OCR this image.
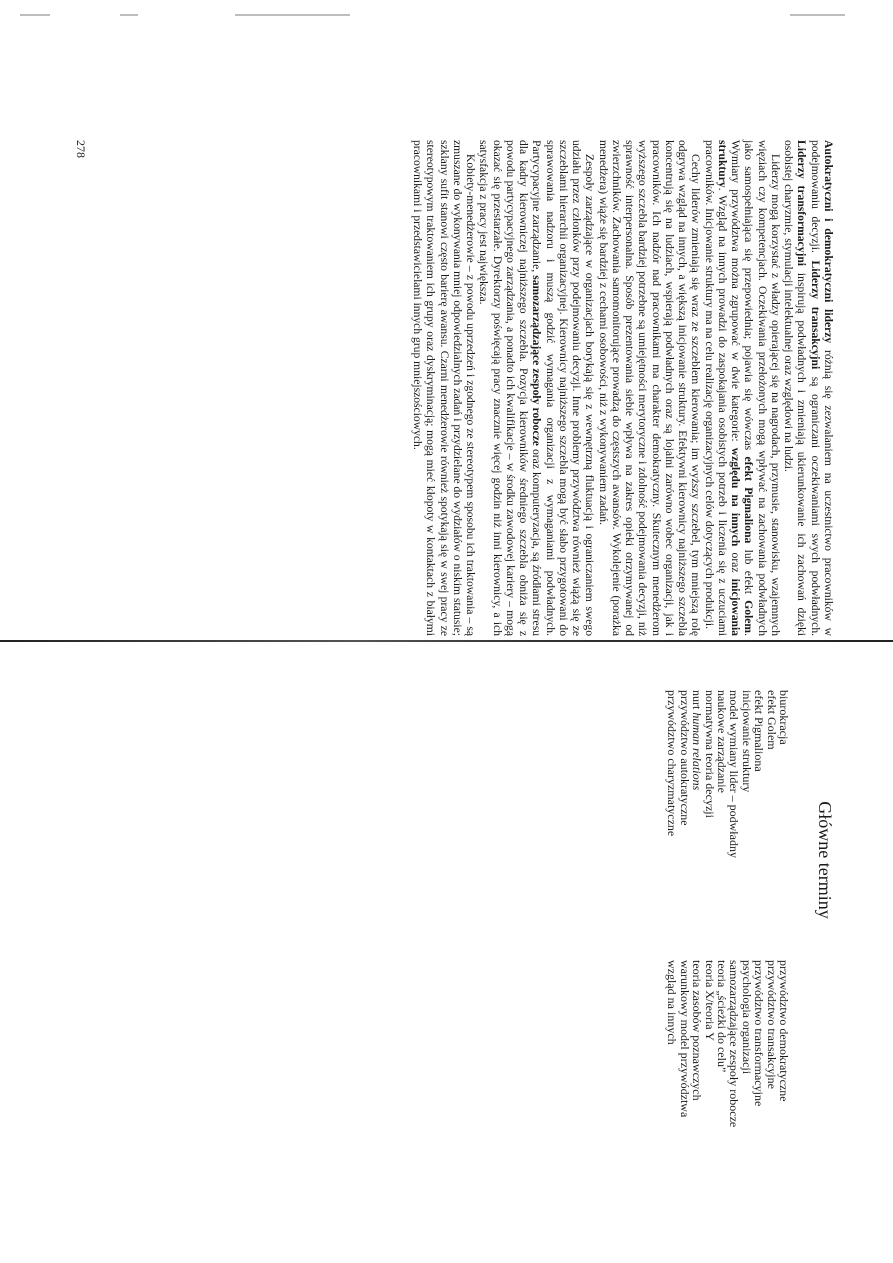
Autokratyczni i demokratyczni liderzy różnią się zezwalaniem na uczestnictwo pracowników w podejmowaniu decyzji. Liderzy transakcyjni są ograniczani oczekiwaniami swych podwładnych. Liderzy transformacyjni inspirują podwładnych i zmieniają ukierunkowanie ich zachowań dzięki osobistej charyzmie, stymulacji intelektualnej oraz względowi na ludzi.

Liderzy mogą korzystać z władzy opierającej się na nagrodach, przymusie, stanowisku, wzajemnych więziach czy kompetencjach. Oczekiwania przełożonych mogą wpływać na zachowania podwładnych jako samospełniająca się przepowiednia; pojawia się wówczas efekt Pigmaliona lub efekt Golem. Wymiary przywództwa można zgrupować w dwie kategorie: względu na innych oraz inicjowania struktury. Wzgląd na innych prowadzi do zaspokajania osobistych potrzeb i liczenia się z uczuciami pracowników. Inicjowanie struktury ma na celu realizację organizacyjnych celów dotyczących produkcji.

Cechy liderów zmieniają się wraz ze szczeblem kierowania; im wyższy szczebel, tym mniejszą rolę odgrywa wzgląd na innych, a większą inicjowanie struktury. Efektywni kierownicy najniższego szczebla koncentrują się na ludziach, wspierają podwładnych oraz są lojalni zarówno wobec organizacji, jak i pracowników. Ich nadzór nad pracownikami ma charakter demokratyczny. Skutecznym menedżerom wyższego szczebla bardziej potrzebne są umiejętności merytoryczne i zdolność podejmowania decyzji, niż sprawność interpersonalna. Sposób prezentowania siebie wpływa na zakres opieki otrzymywanej od zwierzchników. Zachowania samomonitorujące prowadzą do częstszych awansów. Wykolejenie (porażka menedżera) wiąże się bardziej z cechami osobowości, niż z wykonywaniem zadań.

Zespoły zarządzające w organizacjach borykają się z wewnętrzną fluktuacją i ograniczaniem swego udziału przez członków przy podejmowaniu decyzji. Inne problemy przywództwa również wiążą się ze szczeblami hierarchii organizacyjnej. Kierownicy najniższego szczebla mogą być słabo przygotowani do sprawowania nadzoru i muszą godzić wymagania organizacji z wymaganiami podwładnych. Partycypacyjne zarządzanie, samozarządzające zespoły robocze oraz komputeryzacja, są źródłami stresu dla kadry kierowniczej najniższego szczebla. Pozycja kierowników średniego szczebla obniża się z powodu partycypacyjnego zarządzania, a ponadto ich kwalifikacje – w środku zawodowej kariery – mogą okazać się przestarzałe. Dyrektorzy poświęcają pracy znacznie więcej godzin niż inni kierownicy, a ich satysfakcja z pracy jest największa.

Kobiety-menedżerowie – z powodu uprzedzeń i zgodnego ze stereotypem sposobu ich traktowania – są zmuszane do wykonywania mniej odpowiedzialnych zadań i przydzielane do wydziałów o niskim statusie; szklany sufit stanowi często barierę awansu. Czarni menedżerowie również spotykają się w swej pracy ze stereotypowym traktowaniem ich grupy oraz dyskryminacją; mogą mieć kłopoty w kontaktach z białymi pracownikami i przedstawicielami innych grup mniejszościowych.

278
Główne terminy
biurokracja
efekt Golem
efekt Pigmaliona
inicjowanie struktury
model wymiany lider – podwładny
naukowe zarządzanie
normatywna teoria decyzji
nurt human relations
przywództwo autokratyczne
przywództwo charyzmatyczne
przywództwo demokratyczne
przywództwo transakcyjne
przywództwo transformacyjne
psychologia organizacji
samozarządzające zespoły robocze
teoria „ścieżki do celu”
teoria X/teoria Y
teoria zasobów poznawczych
warunkowy model przywództwa
wzgląd na innych
